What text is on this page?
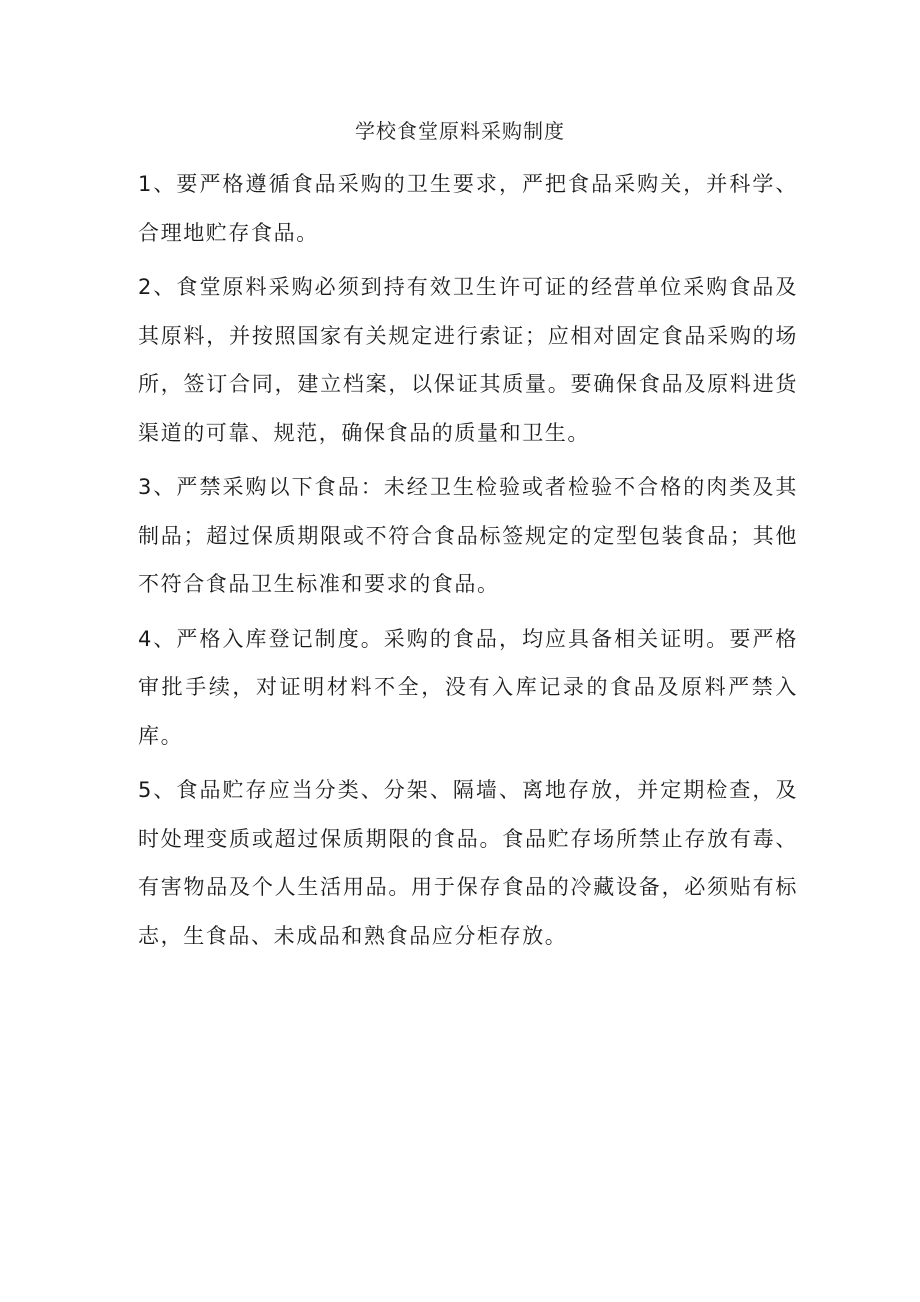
学校食堂原料采购制度

1、要严格遵循食品采购的卫生要求，严把食品采购关，并科学、合理地贮存食品。

2、食堂原料采购必须到持有效卫生许可证的经营单位采购食品及其原料，并按照国家有关规定进行索证；应相对固定食品采购的场所，签订合同，建立档案，以保证其质量。要确保食品及原料进货渠道的可靠、规范，确保食品的质量和卫生。

3、严禁采购以下食品：未经卫生检验或者检验不合格的肉类及其制品；超过保质期限或不符合食品标签规定的定型包装食品；其他不符合食品卫生标准和要求的食品。

4、严格入库登记制度。采购的食品，均应具备相关证明。要严格审批手续，对证明材料不全，没有入库记录的食品及原料严禁入库。

5、食品贮存应当分类、分架、隔墙、离地存放，并定期检查，及时处理变质或超过保质期限的食品。食品贮存场所禁止存放有毒、有害物品及个人生活用品。用于保存食品的冷藏设备，必须贴有标志，生食品、未成品和熟食品应分柜存放。
